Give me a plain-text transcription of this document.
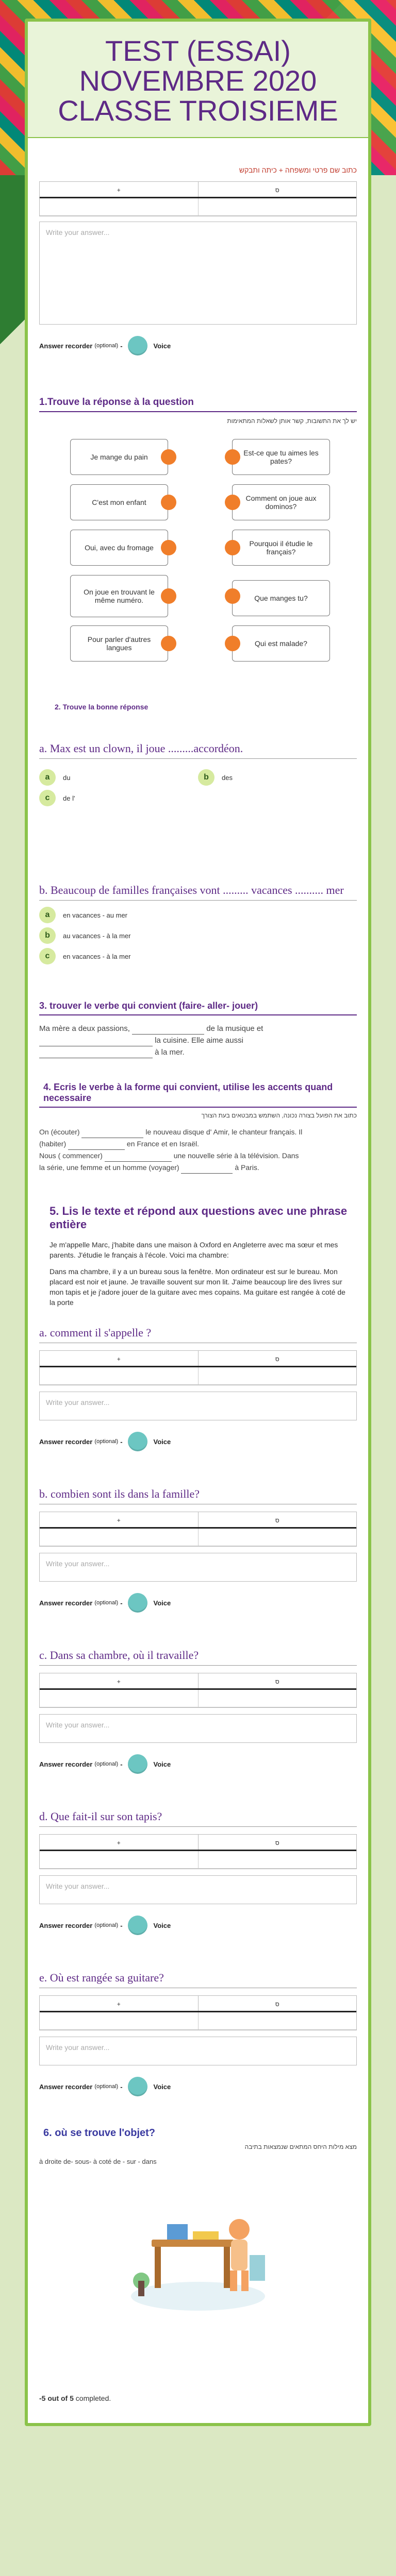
TEST (ESSAI) NOVEMBRE 2020 CLASSE TROISIEME
כתוב שם פרטי ומשפחה + כיתה ותבקש
+	ס
Write your answer...
Answer recorder (optional) -	Voice
1.Trouve la réponse à la question
יש לך את התשובות, קשר אותן לשאלות המתאימות
Je mange du pain
C'est mon enfant
Oui, avec du fromage
On joue en trouvant le même numéro.
Pour parler d'autres langues
Est-ce que tu aimes les pates?
Comment on joue aux dominos?
Pourquoi il étudie le français?
Que manges tu?
Qui est malade?
2. Trouve la bonne réponse
a. Max est un clown, il joue .........accordéon.
a	du	b	des
c	de l'
b. Beaucoup de familles françaises vont ......... vacances .......... mer
a	en vacances - au mer
b	au vacances - à la mer
c	en vacances - à la mer
3. trouver le verbe qui convient (faire- aller- jouer)
Ma mère a deux passions,	de la musique et
la cuisine. Elle aime aussi
à la mer.
4. Ecris le verbe à la forme qui convient, utilise les accents quand necessaire
כתוב את הפועל בצורה נכונה, השתמש במבטאים בעת הצורך
On (écouter)	le nouveau disque d' Amir, le chanteur français. Il
(habiter)	en France et en Israël.
Nous ( commencer)	une nouvelle série à la télévision. Dans
la série, une femme et un homme (voyager)	à Paris.
5. Lis le texte et répond aux questions avec une phrase entière
Je m'appelle Marc, j'habite dans une maison à Oxford en Angleterre avec ma sœur et mes parents. J'étudie le français à l'école. Voici ma chambre:
Dans ma chambre, il y a un bureau sous la fenêtre. Mon ordinateur est sur le bureau. Mon placard est noir et jaune. Je travaille souvent sur mon lit. J'aime beaucoup lire des livres sur mon tapis et je j'adore jouer de la guitare avec mes copains. Ma guitare est rangée à coté de la porte
a. comment il s'appelle ?
+	ס
Write your answer...
Answer recorder (optional) -	Voice
b. combien sont ils dans la famille?
+	ס
Write your answer...
Answer recorder (optional) -	Voice
c. Dans sa chambre, où il travaille?
+	ס
Write your answer...
Answer recorder (optional) -	Voice
d. Que fait-il sur son tapis?
+	ס
Write your answer...
Answer recorder (optional) -	Voice
e. Où est rangée sa guitare?
+	ס
Write your answer...
Answer recorder (optional) -	Voice
6. où se trouve l'objet?
מצא מילות היחס המתאים שנמצאות בתיבה
à droite de- sous- à coté de - sur - dans
-5 out of 5 completed.
